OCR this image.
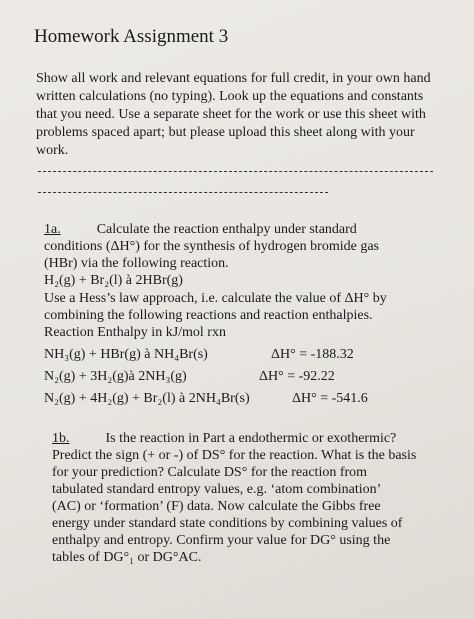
Homework Assignment 3

Show all work and relevant equations for full credit, in your own hand written calculations (no typing). Look up the equations and constants that you need. Use a separate sheet for the work or use this sheet with problems spaced apart; but please upload this sheet along with your work.

1a.	Calculate the reaction enthalpy under standard

conditions (ΔH°) for the synthesis of hydrogen bromide gas

(HBr) via the following reaction.

H₂(g) + Br₂(l) à 2HBr(g)

Use a Hess’s law approach, i.e. calculate the value of ΔH° by

combining the following reactions and reaction enthalpies.

Reaction Enthalpy in kJ/mol rxn

NH₃(g) + HBr(g) à NH₄Br(s)	ΔH° = -188.32

N₂(g) + 3H₂(g)à 2NH₃(g)	ΔH° = -92.22

N₂(g) + 4H₂(g) + Br₂(l) à 2NH₄Br(s)	ΔH° = -541.6

1b.	Is the reaction in Part a endothermic or exothermic?

Predict the sign (+ or -) of DS° for the reaction. What is the basis

for your prediction? Calculate DS° for the reaction from

tabulated standard entropy values, e.g. ‘atom combination’

(AC) or ‘formation’ (F) data. Now calculate the Gibbs free

energy under standard state conditions by combining values of

enthalpy and entropy. Confirm your value for DG° using the

tables of DG°₁ or DG°AC.
